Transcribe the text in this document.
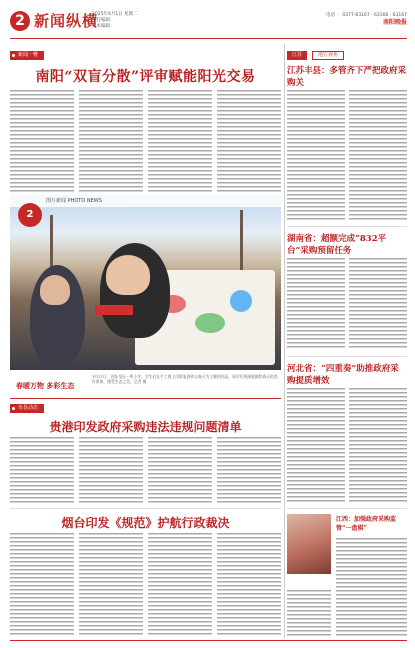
2 新闻纵横
2025年4月1日 星期二
责任编辑：
美术编辑：
电话 ： 0377-63167 · 63166 · 63167
南阳晚报
新闻一瞥
南阳“双盲分散”评审赋能阳光交易
图片新闻 PHOTO NEWS
2
春暖万物 多彩生态
3月27日，在卧龙区一所小学，学生们在手工课上用彩笔创作以春天为主题的作品，同学们用画笔描绘春天的美好景象，感受生态之美。记者 摄
市县动态
贵港印发政府采购违法违规问题清单
烟台印发《规范》护航行政裁决
江苏	地方视角
江苏丰县：多管齐下严把政府采购关
湖南省：超额完成“832平台”采购预留任务
河北省：“四重奏”助推政府采购提质增效
江西：加强政府采购监管“一盘棋”
